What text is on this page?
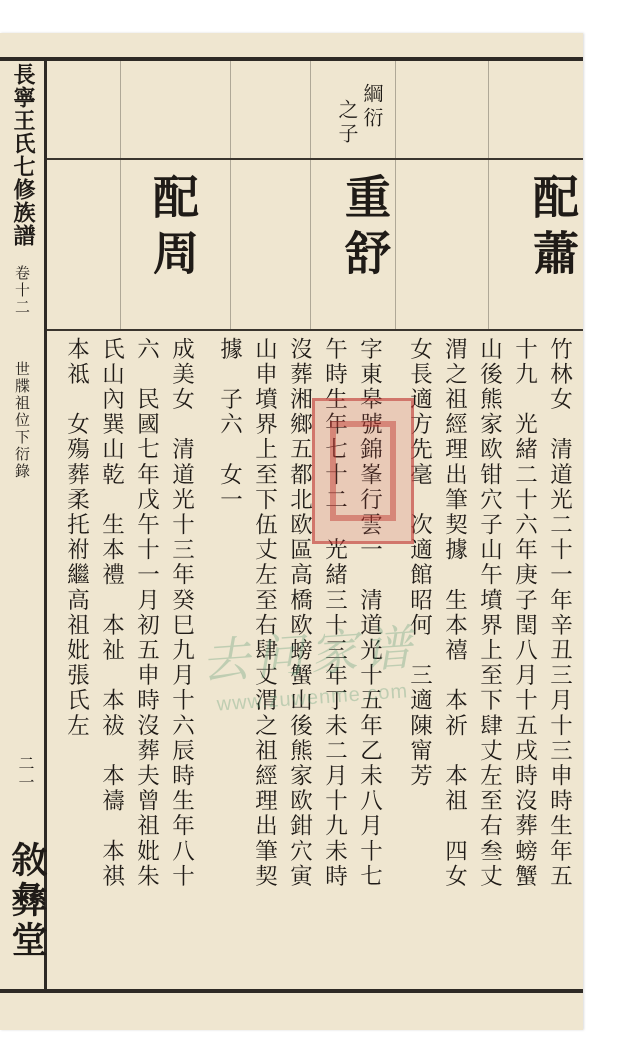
長寧王氏七修族譜
卷十二
世牒祖位下衍錄
二一
敘彝堂
綱衍
之子
配蕭
重舒
配周
竹林女　清道光二十一年辛丑三月十三申時生年五
十九　光緒二十六年庚子閏八月十五戌時沒葬螃蟹
山後熊家欧钳穴子山午墳界上至下肆丈左至右叁丈
渭之祖經理出筆契據　生本禧　本祈　本祖　四女
女長適方先毫　次適館昭何　三適陳甯芳
字東皋號錦峯行雲一　清道光十五年乙未八月十七
午時生年七十二　光緒三十三年丁未二月十九未時
沒葬湘鄉五都北欧區高橋欧螃蟹山後熊家欧鉗穴寅
山申墳界上至下伍丈左至右肆丈渭之祖經理出筆契
據　子六　女一
成美女　清道光十三年癸巳九月十六辰時生年八十
六　民國七年戊午十一月初五申時沒葬夫曾祖妣朱
氏山內巽山乾　生本禮　本祉　本祓　本禱　本祺
本祗　女殤葬柔托祔繼高祖妣張氏左 去问家谱
www.zuwenme.com
